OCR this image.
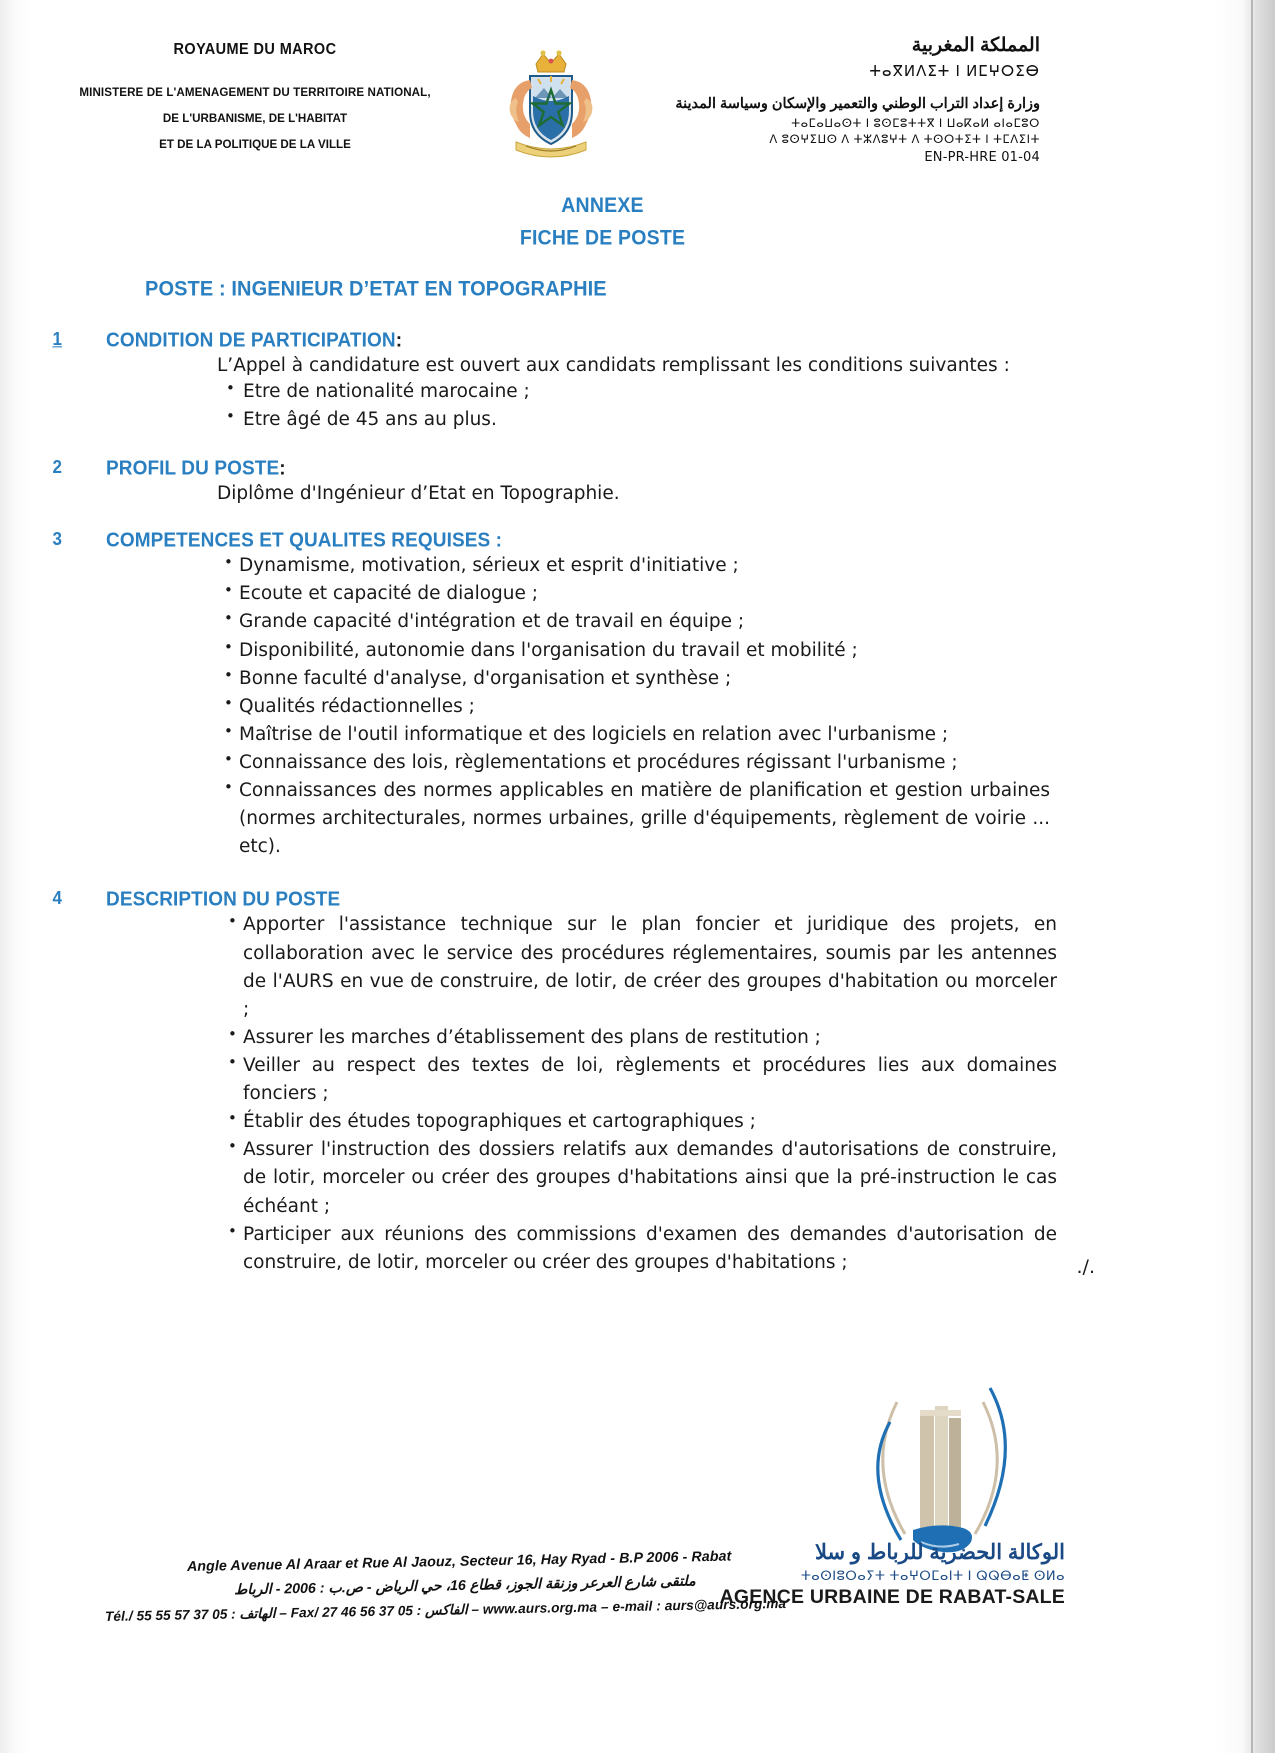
ROYAUME DU MAROC
MINISTERE DE L'AMENAGEMENT DU TERRITOIRE NATIONAL,
DE L'URBANISME, DE L'HABITAT
ET DE LA POLITIQUE DE LA VILLE
المملكة المغربية
ⵜⴰⴳⵍⴷⵉⵜ ⵏ ⵍⵎⵖⵔⵉⴱ
وزارة إعداد التراب الوطني والتعمير والإسكان وسياسة المدينة
ⵜⴰⵎⴰⵡⴰⵙⵜ ⵏ ⵓⵙⵎⵓⵜⵜⴳ ⵏ ⵡⴰⴽⴰⵍ ⴰⵏⴰⵎⵓⵔ
ⴷ ⵓⵙⵖⵉⵡⵙ ⴷ ⵜⵣⴷⵓⵖⵜ ⴷ ⵜⵙⵔⵜⵉⵜ ⵏ ⵜⵎⴷⵉⵏⵜ
EN-PR-HRE 01-04
ANNEXE
FICHE DE POSTE
POSTE : INGENIEUR D’ETAT EN TOPOGRAPHIE
1	CONDITION DE PARTICIPATION :
L’Appel à candidature est ouvert aux candidats remplissant les conditions suivantes :
• Etre de nationalité marocaine ;
• Etre âgé de 45 ans au plus.
2	PROFIL DU POSTE :
Diplôme d'Ingénieur d’Etat en Topographie.
3	COMPETENCES ET QUALITES REQUISES :
• Dynamisme, motivation, sérieux et esprit d'initiative ;
• Ecoute et capacité de dialogue ;
• Grande capacité d'intégration et de travail en équipe ;
• Disponibilité, autonomie dans l'organisation du travail et mobilité ;
• Bonne faculté d'analyse, d'organisation et synthèse ;
• Qualités rédactionnelles ;
• Maîtrise de l'outil informatique et des logiciels en relation avec l'urbanisme ;
• Connaissance des lois, règlementations et procédures régissant l'urbanisme ;
• Connaissances des normes applicables en matière de planification et gestion urbaines (normes architecturales, normes urbaines, grille d'équipements, règlement de voirie ... etc).
4	DESCRIPTION DU POSTE
• Apporter l'assistance technique sur le plan foncier et juridique des projets, en collaboration avec le service des procédures réglementaires, soumis par les antennes de l'AURS en vue de construire, de lotir, de créer des groupes d'habitation ou morceler ;
• Assurer les marches d’établissement des plans de restitution ;
• Veiller au respect des textes de loi, règlements et procédures lies aux domaines fonciers ;
• Établir des études topographiques et cartographiques ;
• Assurer l'instruction des dossiers relatifs aux demandes d'autorisations de construire, de lotir, morceler ou créer des groupes d'habitations ainsi que la pré-instruction le cas échéant ;
• Participer aux réunions des commissions d'examen des demandes d'autorisation de construire, de lotir, morceler ou créer des groupes d'habitations ;	./.
الوكالة الحضرية للرباط و سلا
ⵜⴰⵙⵏⵓⵔⴰⵢⵜ ⵜⴰⵖⵔⵎⴰⵏⵜ ⵏ ⵕⵕⴱⴰⵟ ⵙⵍⴰ
AGENCE URBAINE DE RABAT-SALE
Angle Avenue Al Araar et Rue Al Jaouz, Secteur 16, Hay Ryad - B.P 2006 - Rabat
ملتقى شارع العرعر وزنقة الجوز، قطاع 16، حي الرياض - ص.ب : 2006 - الرباط
Tél./ الهاتف : 05 37 57 55 55 – Fax/ الفاكس : 05 37 56 46 27 – www.aurs.org.ma – e-mail : aurs@aurs.org.ma
